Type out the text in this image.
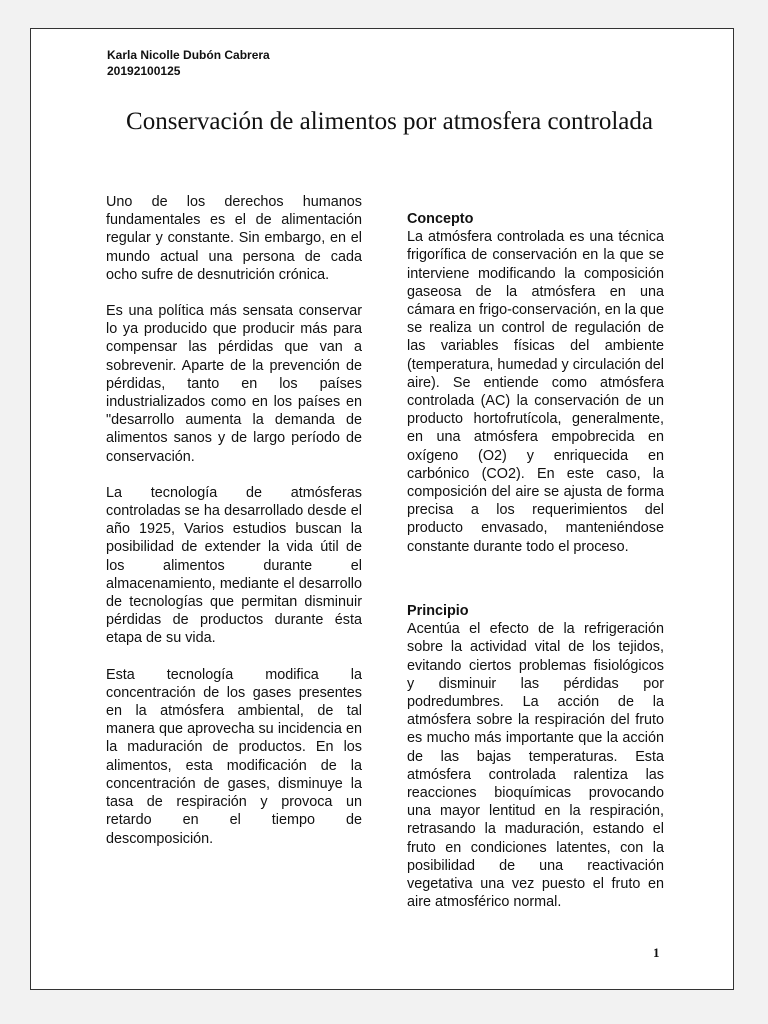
Karla Nicolle Dubón Cabrera
20192100125
Conservación de alimentos por atmosfera controlada

Uno de los derechos humanos fundamentales es el de alimentación regular y constante. Sin embargo, en el mundo actual una persona de cada ocho sufre de desnutrición crónica.

Es una política más sensata conservar lo ya producido que producir más para compensar las pérdidas que van a sobrevenir. Aparte de la prevención de pérdidas, tanto en los países industrializados como en los países en "desarrollo aumenta la demanda de alimentos sanos y de largo período de conservación.

La tecnología de atmósferas controladas se ha desarrollado desde el año 1925, Varios estudios buscan la posibilidad de extender la vida útil de los alimentos durante el almacenamiento, mediante el desarrollo de tecnologías que permitan disminuir pérdidas de productos durante ésta etapa de su vida.

Esta tecnología modifica la concentración de los gases presentes en la atmósfera ambiental, de tal manera que aprovecha su incidencia en la maduración de productos. En los alimentos, esta modificación de la concentración de gases, disminuye la tasa de respiración y provoca un retardo en el tiempo de descomposición.

Concepto
La atmósfera controlada es una técnica frigorífica de conservación en la que se interviene modificando la composición gaseosa de la atmósfera en una cámara en frigo-conservación, en la que se realiza un control de regulación de las variables físicas del ambiente (temperatura, humedad y circulación del aire). Se entiende como atmósfera controlada (AC) la conservación de un producto hortofrutícola, generalmente, en una atmósfera empobrecida en oxígeno (O2) y enriquecida en carbónico (CO2). En este caso, la composición del aire se ajusta de forma precisa a los requerimientos del producto envasado, manteniéndose constante durante todo el proceso.
Principio
Acentúa el efecto de la refrigeración sobre la actividad vital de los tejidos, evitando ciertos problemas fisiológicos y disminuir las pérdidas por podredumbres. La acción de la atmósfera sobre la respiración del fruto es mucho más importante que la acción de las bajas temperaturas. Esta atmósfera controlada ralentiza las reacciones bioquímicas provocando una mayor lentitud en la respiración, retrasando la maduración, estando el fruto en condiciones latentes, con la posibilidad de una reactivación vegetativa una vez puesto el fruto en aire atmosférico normal.
1
